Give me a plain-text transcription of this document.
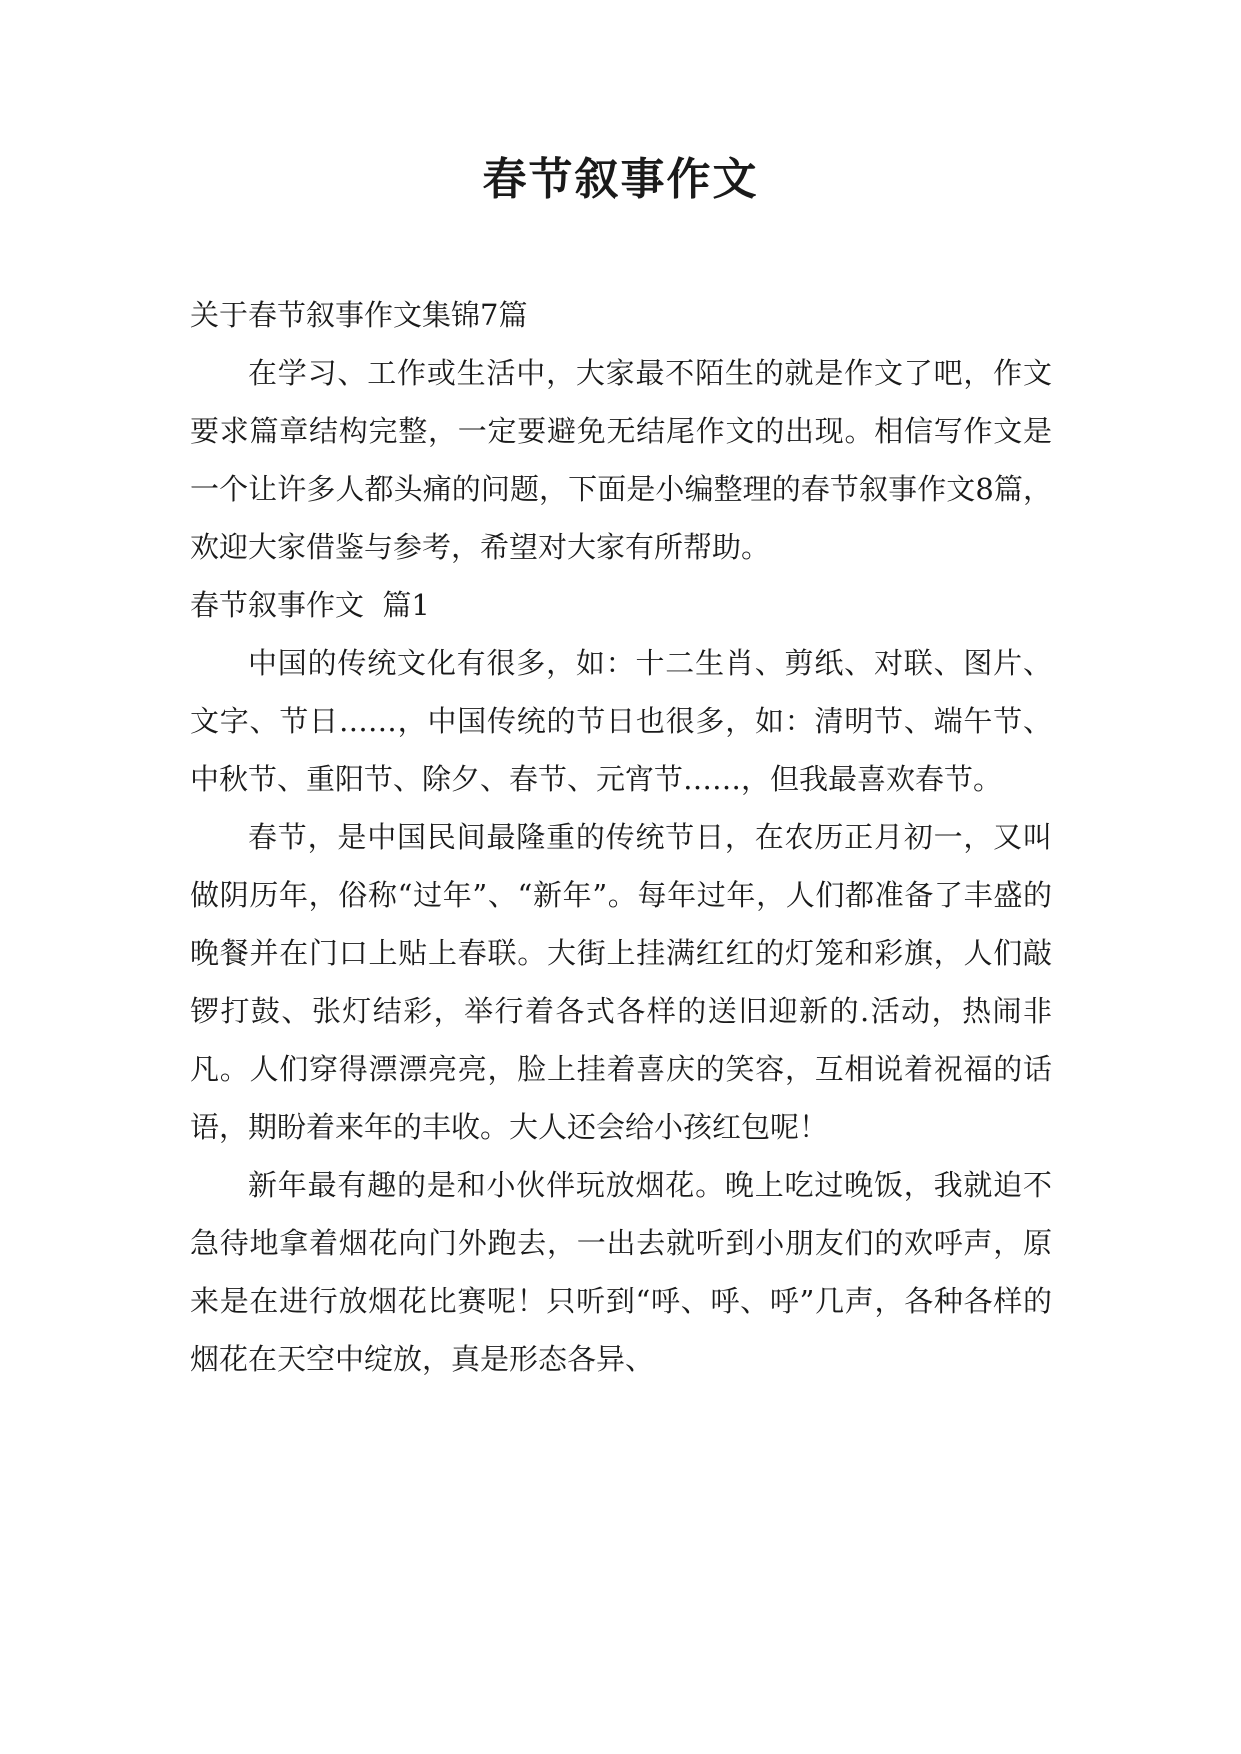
春节叙事作文

关于春节叙事作文集锦7篇

在学习、工作或生活中，大家最不陌生的就是作文了吧，作文要求篇章结构完整，一定要避免无结尾作文的出现。相信写作文是一个让许多人都头痛的问题，下面是小编整理的春节叙事作文8篇，欢迎大家借鉴与参考，希望对大家有所帮助。

春节叙事作文  篇1

中国的传统文化有很多，如：十二生肖、剪纸、对联、图片、文字、节日……，中国传统的节日也很多，如：清明节、端午节、中秋节、重阳节、除夕、春节、元宵节……，但我最喜欢春节。

春节，是中国民间最隆重的传统节日，在农历正月初一，又叫做阴历年，俗称“过年”、“新年”。每年过年，人们都准备了丰盛的晚餐并在门口上贴上春联。大街上挂满红红的灯笼和彩旗，人们敲锣打鼓、张灯结彩，举行着各式各样的送旧迎新的.活动，热闹非凡。人们穿得漂漂亮亮，脸上挂着喜庆的笑容，互相说着祝福的话语，期盼着来年的丰收。大人还会给小孩红包呢！

新年最有趣的是和小伙伴玩放烟花。晚上吃过晚饭，我就迫不急待地拿着烟花向门外跑去，一出去就听到小朋友们的欢呼声，原来是在进行放烟花比赛呢！只听到“呼、呼、呼”几声，各种各样的烟花在天空中绽放，真是形态各异、
